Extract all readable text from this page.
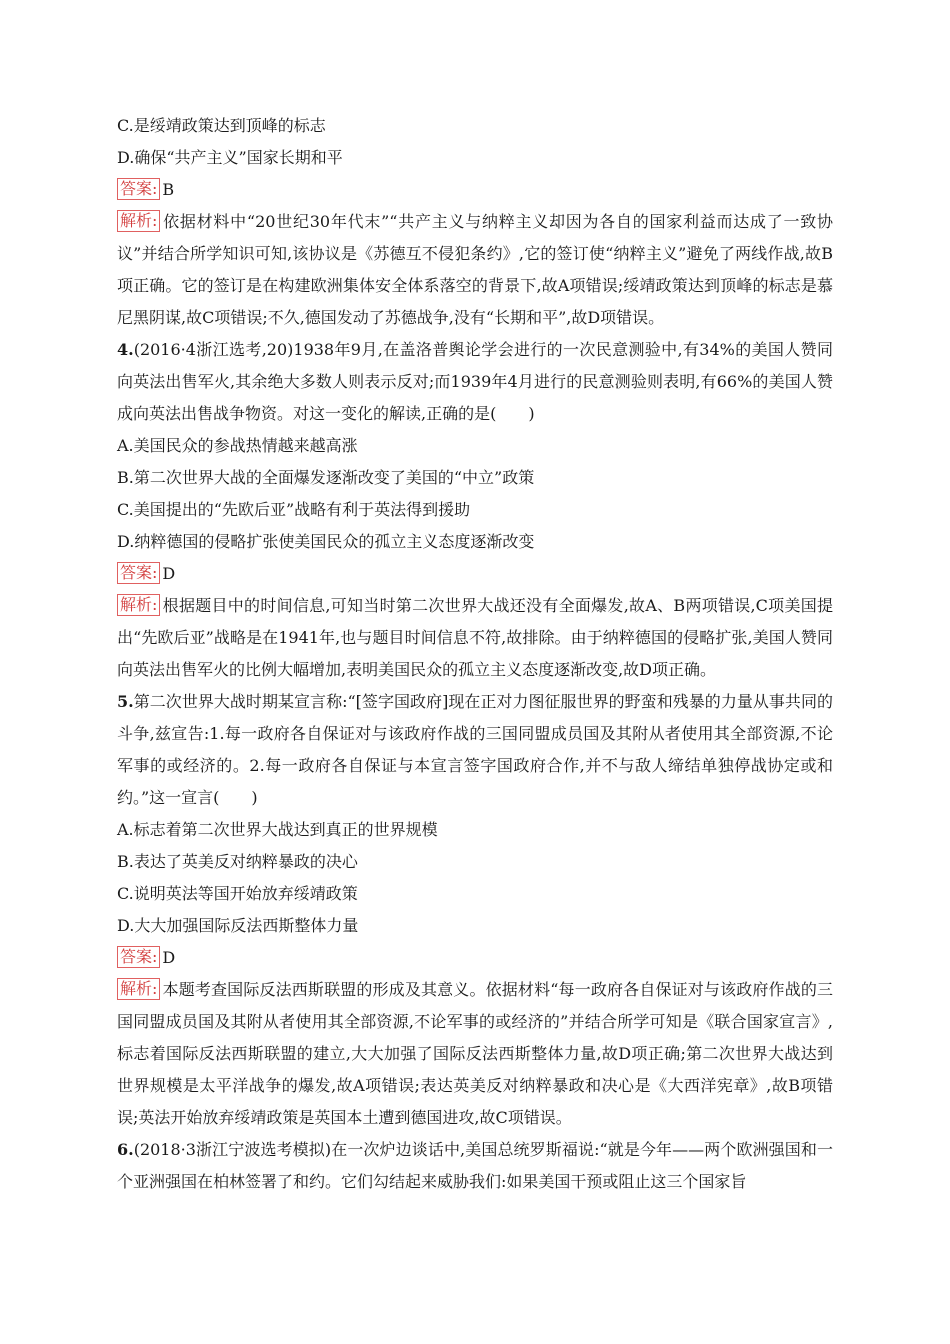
C.是绥靖政策达到顶峰的标志
D.确保“共产主义”国家长期和平
答案: B
解析: 依据材料中“20世纪30年代末”“共产主义与纳粹主义却因为各自的国家利益而达成了一致协议”并结合所学知识可知,该协议是《苏德互不侵犯条约》,它的签订使“纳粹主义”避免了两线作战,故B项正确。它的签订是在构建欧洲集体安全体系落空的背景下,故A项错误;绥靖政策达到顶峰的标志是慕尼黑阴谋,故C项错误;不久,德国发动了苏德战争,没有“长期和平”,故D项错误。
4.(2016·4浙江选考,20)1938年9月,在盖洛普舆论学会进行的一次民意测验中,有34%的美国人赞同向英法出售军火,其余绝大多数人则表示反对;而1939年4月进行的民意测验则表明,有66%的美国人赞成向英法出售战争物资。对这一变化的解读,正确的是(　　)
A.美国民众的参战热情越来越高涨
B.第二次世界大战的全面爆发逐渐改变了美国的“中立”政策
C.美国提出的“先欧后亚”战略有利于英法得到援助
D.纳粹德国的侵略扩张使美国民众的孤立主义态度逐渐改变
答案: D
解析: 根据题目中的时间信息,可知当时第二次世界大战还没有全面爆发,故A、B两项错误,C项美国提出“先欧后亚”战略是在1941年,也与题目时间信息不符,故排除。由于纳粹德国的侵略扩张,美国人赞同向英法出售军火的比例大幅增加,表明美国民众的孤立主义态度逐渐改变,故D项正确。
5.第二次世界大战时期某宣言称:“[签字国政府]现在正对力图征服世界的野蛮和残暴的力量从事共同的斗争,兹宣告:1.每一政府各自保证对与该政府作战的三国同盟成员国及其附从者使用其全部资源,不论军事的或经济的。2.每一政府各自保证与本宣言签字国政府合作,并不与敌人缔结单独停战协定或和约。”这一宣言(　　)
A.标志着第二次世界大战达到真正的世界规模
B.表达了英美反对纳粹暴政的决心
C.说明英法等国开始放弃绥靖政策
D.大大加强国际反法西斯整体力量
答案: D
解析: 本题考查国际反法西斯联盟的形成及其意义。依据材料“每一政府各自保证对与该政府作战的三国同盟成员国及其附从者使用其全部资源,不论军事的或经济的”并结合所学可知是《联合国家宣言》,标志着国际反法西斯联盟的建立,大大加强了国际反法西斯整体力量,故D项正确;第二次世界大战达到世界规模是太平洋战争的爆发,故A项错误;表达英美反对纳粹暴政和决心是《大西洋宪章》,故B项错误;英法开始放弃绥靖政策是英国本土遭到德国进攻,故C项错误。
6.(2018·3浙江宁波选考模拟)在一次炉边谈话中,美国总统罗斯福说:“就是今年——两个欧洲强国和一个亚洲强国在柏林签署了和约。它们勾结起来威胁我们:如果美国干预或阻止这三个国家旨
